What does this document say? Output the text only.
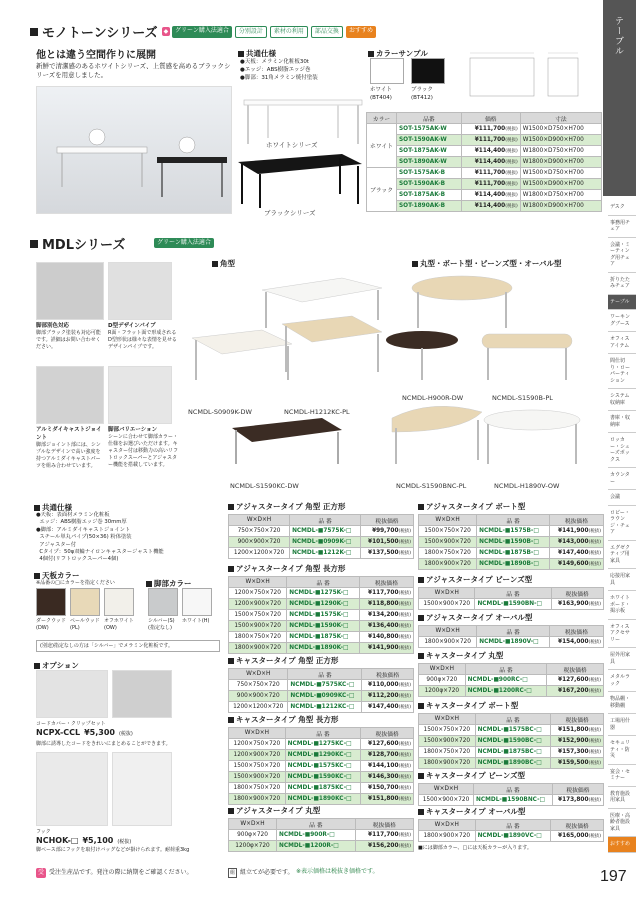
モノトーンシリーズ	◆	グリーン購入法適合	分別設計	素材の利用	部品交換	おすすめ
他とは違う空間作りに展開
新鮮で清潔感のあるホワイトシリーズ、上質感を高めるブラックシリーズを用意しました。
共通仕様
●天板：メラミン化粧板30t
●エッジ：ABS樹脂エッジ巻
●脚部：31角メラミン焼付塗装
ホワイトシリーズ
ブラックシリーズ
カラーサンプル
ホワイト
(BT404)
ブラック
(BT412)
カラー	品番	価格	寸法
ホワイト	SOT-1575AK-W	¥111,700(税抜)	W1500×D750×H700
	SOT-1590AK-W	¥111,700(税抜)	W1500×D900×H700
	SOT-1875AK-W	¥114,400(税抜)	W1800×D750×H700
	SOT-1890AK-W	¥114,400(税抜)	W1800×D900×H700
ブラック	SOT-1575AK-B	¥111,700(税抜)	W1500×D750×H700
	SOT-1590AK-B	¥111,700(税抜)	W1500×D900×H700
	SOT-1875AK-B	¥114,400(税抜)	W1800×D750×H700
	SOT-1890AK-B	¥114,400(税抜)	W1800×D900×H700
MDLシリーズ	グリーン購入法適合
脚部別色対応
脚部ブラック塗装も対応可能です。詳細はお問い合わせください。
D型デザインパイプ
R面・フラット面で形成されるD型形状は様々な表情を見せるデザインパイプです。
アルミダイキャストジョイント
脚部ジョイント部には、シンプルなデザインで高い強度を持つアルミダイキャストパーツを組み合わせています。
脚部バリエーション
シーンに合わせて脚部カラー・仕様をお選びいただけます。キャスター付は移動力の高いリフトロックスーパーとアジャスター機能を搭載しています。
角型	丸型・ボート型・ビーンズ型・オーバル型
NCMDL-S0909K-DW	NCMDL-H1212KC-PL
NCMDL-S1590KC-DW
NCMDL-H900R-DW	NCMDL-S1590B-PL
NCMDL-S1590BNC-PL	NCMDL-H1890V-OW
共通仕様
●天板：表面材メラミン化粧板
エッジ：ABS樹脂エッジ巻 30mm厚
●脚部：アルミダイキャストジョイント
スチール単丸パイプ(50×36) 粉体塗装
アジャスター付
Cタイプ：50φ双輪ナイロンキャスタージャスト機能
4個付(リフトロックスーパー4個)
天板カラー
※品番の□にカラーを指定ください	脚部カラー
ダークウッド
(DW)
ペールウッド
(PL)
オフホワイト
(OW)
シルバー(S)
(指定なし)
ホワイト(H)
(別途)指定なしの方は「シルバー」でメラミン化粧板です。
オプション
コードカバー・クリップセット
NCPX-CCL ¥5,300 (税抜)
脚部に誘導したコードをきれいにまとめることができます。
フック
NCHOK-□ ¥5,100 (税抜)
脚ベース部にフックを取付けバッグなどが掛けられます。耐荷重3kg
アジャスタータイプ 角型 正方形
W×D×H	品 番	税抜価格
750×750×720	NCMDL-■7575K-□	¥99,700(税抜)
900×900×720	NCMDL-■0909K-□	¥101,500(税抜)
1200×1200×720	NCMDL-■1212K-□	¥137,500(税抜)
アジャスタータイプ 角型 長方形
W×D×H	品 番	税抜価格
1200×750×720	NCMDL-■1275K-□	¥117,700(税抜)
1200×900×720	NCMDL-■1290K-□	¥118,800(税抜)
1500×750×720	NCMDL-■1575K-□	¥134,200(税抜)
1500×900×720	NCMDL-■1590K-□	¥136,400(税抜)
1800×750×720	NCMDL-■1875K-□	¥140,800(税抜)
1800×900×720	NCMDL-■1890K-□	¥141,900(税抜)
キャスタータイプ 角型 正方形
W×D×H	品 番	税抜価格
750×750×720	NCMDL-■7575KC-□	¥110,000(税抜)
900×900×720	NCMDL-■0909KC-□	¥112,200(税抜)
1200×1200×720	NCMDL-■1212KC-□	¥147,400(税抜)
キャスタータイプ 角型 長方形
W×D×H	品 番	税抜価格
1200×750×720	NCMDL-■1275KC-□	¥127,600(税抜)
1200×900×720	NCMDL-■1290KC-□	¥128,700(税抜)
1500×750×720	NCMDL-■1575KC-□	¥144,100(税抜)
1500×900×720	NCMDL-■1590KC-□	¥146,300(税抜)
1800×750×720	NCMDL-■1875KC-□	¥150,700(税抜)
1800×900×720	NCMDL-■1890KC-□	¥151,800(税抜)
アジャスタータイプ 丸型
W×D×H	品 番	税抜価格
900φ×720	NCMDL-■900R-□	¥117,700(税抜)
1200φ×720	NCMDL-■1200R-□	¥156,200(税抜)
アジャスタータイプ ボート型
W×D×H	品 番	税抜価格
1500×750×720	NCMDL-■1575B-□	¥141,900(税抜)
1500×900×720	NCMDL-■1590B-□	¥143,000(税抜)
1800×750×720	NCMDL-■1875B-□	¥147,400(税抜)
1800×900×720	NCMDL-■1890B-□	¥149,600(税抜)
アジャスタータイプ ビーンズ型
W×D×H	品 番	税抜価格
1500×900×720	NCMDL-■1590BN-□	¥163,900(税抜)
アジャスタータイプ オーバル型
W×D×H	品 番	税抜価格
1800×900×720	NCMDL-■1890V-□	¥154,000(税抜)
キャスタータイプ 丸型
W×D×H	品 番	税抜価格
900φ×720	NCMDL-■900RC-□	¥127,600(税抜)
1200φ×720	NCMDL-■1200RC-□	¥167,200(税抜)
キャスタータイプ ボート型
W×D×H	品 番	税抜価格
1500×750×720	NCMDL-■1575BC-□	¥151,800(税抜)
1500×900×720	NCMDL-■1590BC-□	¥152,900(税抜)
1800×750×720	NCMDL-■1875BC-□	¥157,300(税抜)
1800×900×720	NCMDL-■1890BC-□	¥159,500(税抜)
キャスタータイプ ビーンズ型
W×D×H	品 番	税抜価格
1500×900×720	NCMDL-■1590BNC-□	¥173,800(税抜)
キャスタータイプ オーバル型
W×D×H	品 番	税抜価格
1800×900×720	NCMDL-■1890VC-□	¥165,000(税抜)
■には脚部カラー、□には天板カラーが入ります。
受 受注生産品です。発注の際に納期をご確認ください。	組 組立てが必要です。 ※表示価格は税抜き価格です。
テーブル
デスク
事務用チェア
会議・ミーティング用チェア
折りたたみチェア
テーブル
ワーキングブース
オフィスアイテム
間仕切り・ローパーティション
システム収納庫
書庫・収納庫
ロッカー・シューズボックス
カウンター
会議
ロビー・ラウンジ・チェア
エグゼクティブ用家具
応接用家具
ホワイトボード・掲示板
オフィスアクセサリー
屋外用家具
メタルラック
物品棚・移動棚
工場用什器
セキュリティ・防災
宴会・セミナー
教育施設用家具
医療・高齢者施設家具
おすすめ
197
